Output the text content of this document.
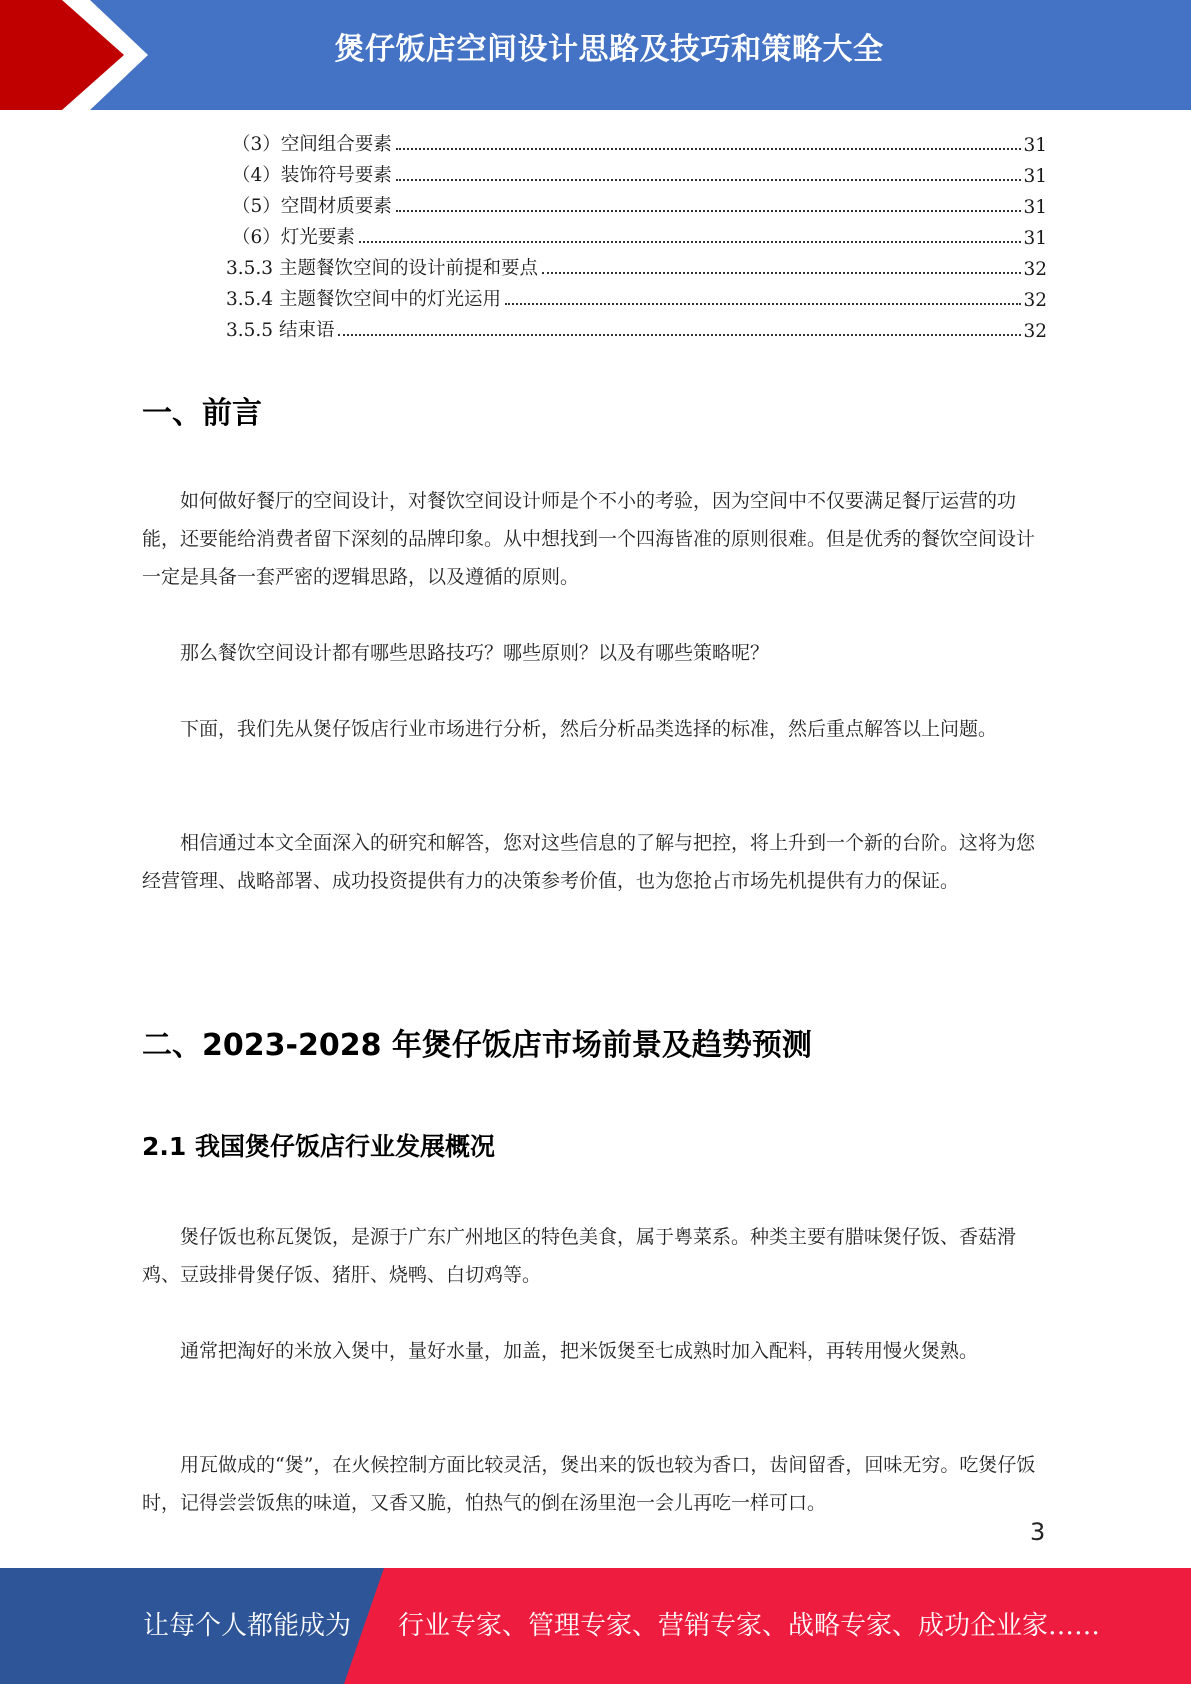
煲仔饭店空间设计思路及技巧和策略大全
（3）空间组合要素	31
（4）装饰符号要素	31
（5）空間材质要素	31
（6）灯光要素	31
3.5.3 主题餐饮空间的设计前提和要点	32
3.5.4 主题餐饮空间中的灯光运用	32
3.5.5 结束语	32
一、前言
如何做好餐厅的空间设计，对餐饮空间设计师是个不小的考验，因为空间中不仅要满足餐厅运营的功能，还要能给消费者留下深刻的品牌印象。从中想找到一个四海皆准的原则很难。但是优秀的餐饮空间设计一定是具备一套严密的逻辑思路，以及遵循的原则。
那么餐饮空间设计都有哪些思路技巧？哪些原则？以及有哪些策略呢？
下面，我们先从煲仔饭店行业市场进行分析，然后分析品类选择的标准，然后重点解答以上问题。
相信通过本文全面深入的研究和解答，您对这些信息的了解与把控，将上升到一个新的台阶。这将为您经营管理、战略部署、成功投资提供有力的决策参考价值，也为您抢占市场先机提供有力的保证。
二、2023-2028 年煲仔饭店市场前景及趋势预测
2.1 我国煲仔饭店行业发展概况
煲仔饭也称瓦煲饭，是源于广东广州地区的特色美食，属于粤菜系。种类主要有腊味煲仔饭、香菇滑鸡、豆豉排骨煲仔饭、猪肝、烧鸭、白切鸡等。
通常把淘好的米放入煲中，量好水量，加盖，把米饭煲至七成熟时加入配料，再转用慢火煲熟。
用瓦做成的“煲”，在火候控制方面比较灵活，煲出来的饭也较为香口，齿间留香，回味无穷。吃煲仔饭时，记得尝尝饭焦的味道，又香又脆，怕热气的倒在汤里泡一会儿再吃一样可口。
3
让每个人都能成为 行业专家、管理专家、营销专家、战略专家、成功企业家……
